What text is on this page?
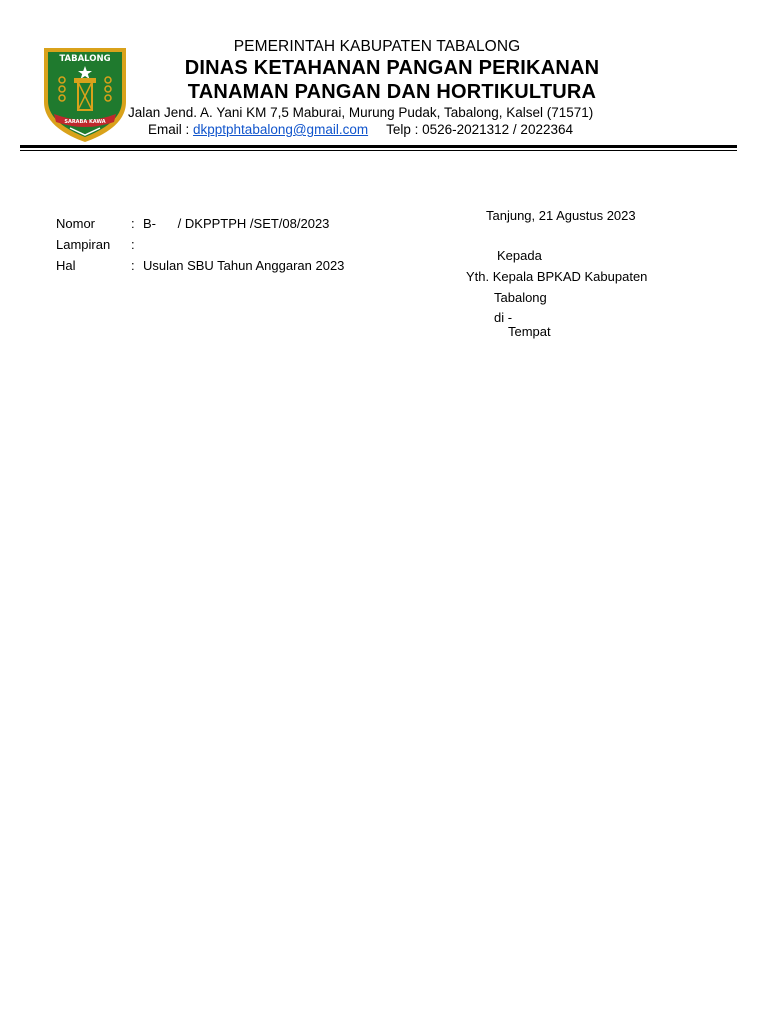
TABALONG
SARABA KAWA
PEMERINTAH KABUPATEN TABALONG
DINAS KETAHANAN PANGAN PERIKANAN
TANAMAN PANGAN DAN HORTIKULTURA
Jalan Jend. A. Yani KM 7,5 Maburai, Murung Pudak, Tabalong, Kalsel (71571)
Email : dkpptphtabalong@gmail.com Telp : 0526-2021312 / 2022364
Nomor	: B-      / DKPPTPH /SET/08/2023
Lampiran :
Hal	: Usulan SBU Tahun Anggaran 2023
Tanjung, 21 Agustus 2023
Kepada
Yth. Kepala BPKAD Kabupaten
Tabalong
di -
Tempat
